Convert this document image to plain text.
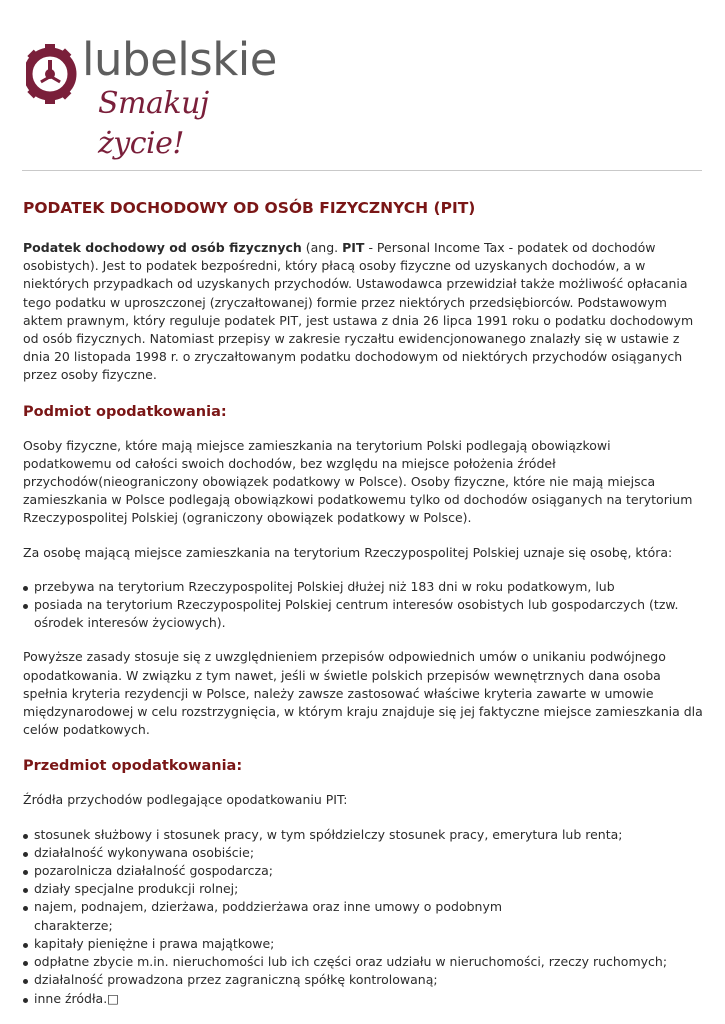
lubelskie
Smakuj życie!
PODATEK DOCHODOWY OD OSÓB FIZYCZNYCH (PIT)

Podatek dochodowy od osób fizycznych (ang. PIT - Personal Income Tax - podatek od dochodów osobistych). Jest to podatek bezpośredni, który płacą osoby fizyczne od uzyskanych dochodów, a w niektórych przypadkach od uzyskanych przychodów. Ustawodawca przewidział także możliwość opłacania tego podatku w uproszczonej (zryczałtowanej) formie przez niektórych przedsiębiorców. Podstawowym aktem prawnym, który reguluje podatek PIT, jest ustawa z dnia 26 lipca 1991 roku o podatku dochodowym od osób fizycznych. Natomiast przepisy w zakresie ryczałtu ewidencjonowanego znalazły się w ustawie z dnia 20 listopada 1998 r. o zryczałtowanym podatku dochodowym od niektórych przychodów osiąganych przez osoby fizyczne.

Podmiot opodatkowania:

Osoby fizyczne, które mają miejsce zamieszkania na terytorium Polski podlegają obowiązkowi podatkowemu od całości swoich dochodów, bez względu na miejsce położenia źródeł przychodów(nieograniczony obowiązek podatkowy w Polsce). Osoby fizyczne, które nie mają miejsca zamieszkania w Polsce podlegają obowiązkowi podatkowemu tylko od dochodów osiąganych na terytorium Rzeczypospolitej Polskiej (ograniczony obowiązek podatkowy w Polsce).

Za osobę mającą miejsce zamieszkania na terytorium Rzeczypospolitej Polskiej uznaje się osobę, która:

przebywa na terytorium Rzeczypospolitej Polskiej dłużej niż 183 dni w roku podatkowym, lub
posiada na terytorium Rzeczypospolitej Polskiej centrum interesów osobistych lub gospodarczych (tzw. ośrodek interesów życiowych).

Powyższe zasady stosuje się z uwzględnieniem przepisów odpowiednich umów o unikaniu podwójnego opodatkowania. W związku z tym nawet, jeśli w świetle polskich przepisów wewnętrznych dana osoba spełnia kryteria rezydencji w Polsce, należy zawsze zastosować właściwe kryteria zawarte w umowie międzynarodowej w celu rozstrzygnięcia, w którym kraju znajduje się jej faktyczne miejsce zamieszkania dla celów podatkowych.

Przedmiot opodatkowania:

Źródła przychodów podlegające opodatkowaniu PIT:

stosunek służbowy i stosunek pracy, w tym spółdzielczy stosunek pracy, emerytura lub renta;
działalność wykonywana osobiście;
pozarolnicza działalność gospodarcza;
działy specjalne produkcji rolnej;
najem, podnajem, dzierżawa, poddzierżawa oraz inne umowy o podobnym charakterze;
kapitały pieniężne i prawa majątkowe;
odpłatne zbycie m.in. nieruchomości lub ich części oraz udziału w nieruchomości, rzeczy ruchomych;
działalność prowadzona przez zagraniczną spółkę kontrolowaną;
inne źródła.□
